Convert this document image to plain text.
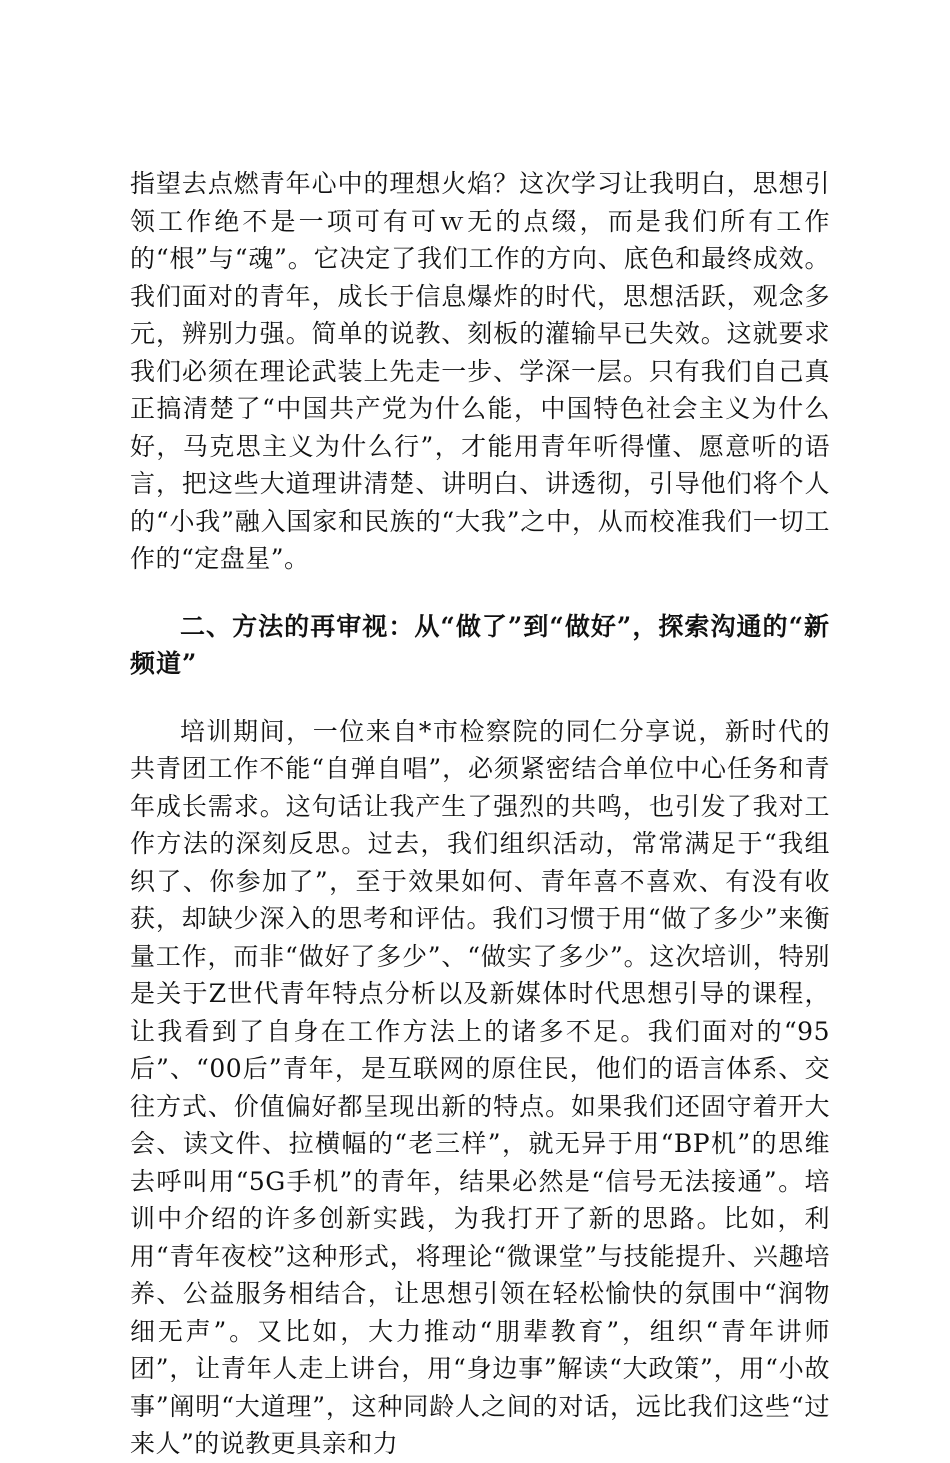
指望去点燃青年心中的理想火焰？这次学习让我明白，思想引领工作绝不是一项可有可ｗ无的点缀，而是我们所有工作的“根”与“魂”。它决定了我们工作的方向、底色和最终成效。我们面对的青年，成长于信息爆炸的时代，思想活跃，观念多元，辨别力强。简单的说教、刻板的灌输早已失效。这就要求我们必须在理论武装上先走一步、学深一层。只有我们自己真正搞清楚了“中国共产党为什么能，中国特色社会主义为什么好，马克思主义为什么行”，才能用青年听得懂、愿意听的语言，把这些大道理讲清楚、讲明白、讲透彻，引导他们将个人的“小我”融入国家和民族的“大我”之中，从而校准我们一切工作的“定盘星”。

二、方法的再审视：从“做了”到“做好”，探索沟通的“新频道”

培训期间，一位来自*市检察院的同仁分享说，新时代的共青团工作不能“自弹自唱”，必须紧密结合单位中心任务和青年成长需求。这句话让我产生了强烈的共鸣，也引发了我对工作方法的深刻反思。过去，我们组织活动，常常满足于“我组织了、你参加了”，至于效果如何、青年喜不喜欢、有没有收获，却缺少深入的思考和评估。我们习惯于用“做了多少”来衡量工作，而非“做好了多少”、“做实了多少”。这次培训，特别是关于Z世代青年特点分析以及新媒体时代思想引导的课程，让我看到了自身在工作方法上的诸多不足。我们面对的“95后”、“00后”青年，是互联网的原住民，他们的语言体系、交往方式、价值偏好都呈现出新的特点。如果我们还固守着开大会、读文件、拉横幅的“老三样”，就无异于用“BP机”的思维去呼叫用“5G手机”的青年，结果必然是“信号无法接通”。培训中介绍的许多创新实践，为我打开了新的思路。比如，利用“青年夜校”这种形式，将理论“微课堂”与技能提升、兴趣培养、公益服务相结合，让思想引领在轻松愉快的氛围中“润物细无声”。又比如，大力推动“朋辈教育”，组织“青年讲师团”，让青年人走上讲台，用“身边事”解读“大政策”，用“小故事”阐明“大道理”，这种同龄人之间的对话，远比我们这些“过来人”的说教更具亲和力
